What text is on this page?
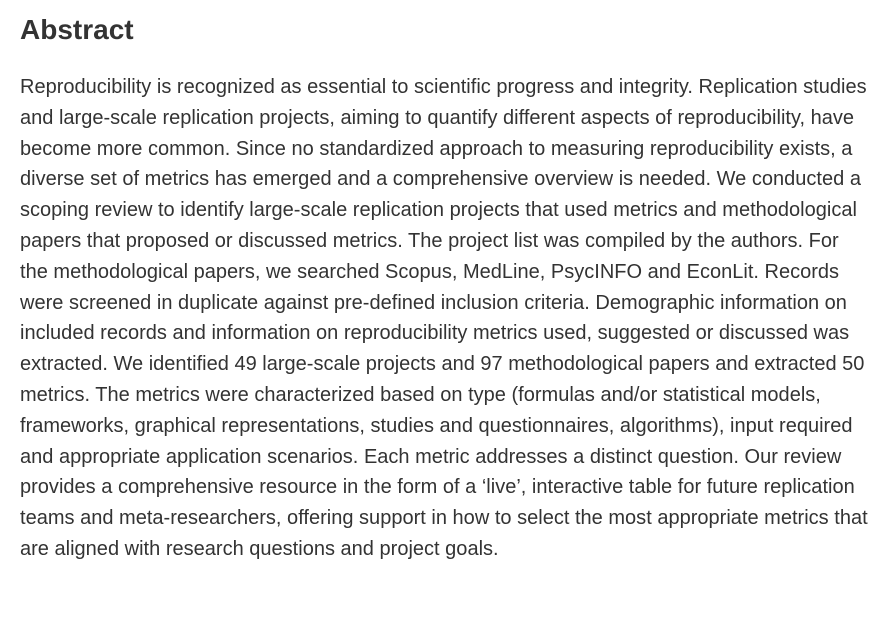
Abstract

Reproducibility is recognized as essential to scientific progress and integrity. Replication studies and large-scale replication projects, aiming to quantify different aspects of reproducibility, have become more common. Since no standardized approach to measuring reproducibility exists, a diverse set of metrics has emerged and a comprehensive overview is needed. We conducted a scoping review to identify large-scale replication projects that used metrics and methodological papers that proposed or discussed metrics. The project list was compiled by the authors. For the methodological papers, we searched Scopus, MedLine, PsycINFO and EconLit. Records were screened in duplicate against pre-defined inclusion criteria. Demographic information on included records and information on reproducibility metrics used, suggested or discussed was extracted. We identified 49 large-scale projects and 97 methodological papers and extracted 50 metrics. The metrics were characterized based on type (formulas and/or statistical models, frameworks, graphical representations, studies and questionnaires, algorithms), input required and appropriate application scenarios. Each metric addresses a distinct question. Our review provides a comprehensive resource in the form of a ‘live’, interactive table for future replication teams and meta-researchers, offering support in how to select the most appropriate metrics that are aligned with research questions and project goals.
